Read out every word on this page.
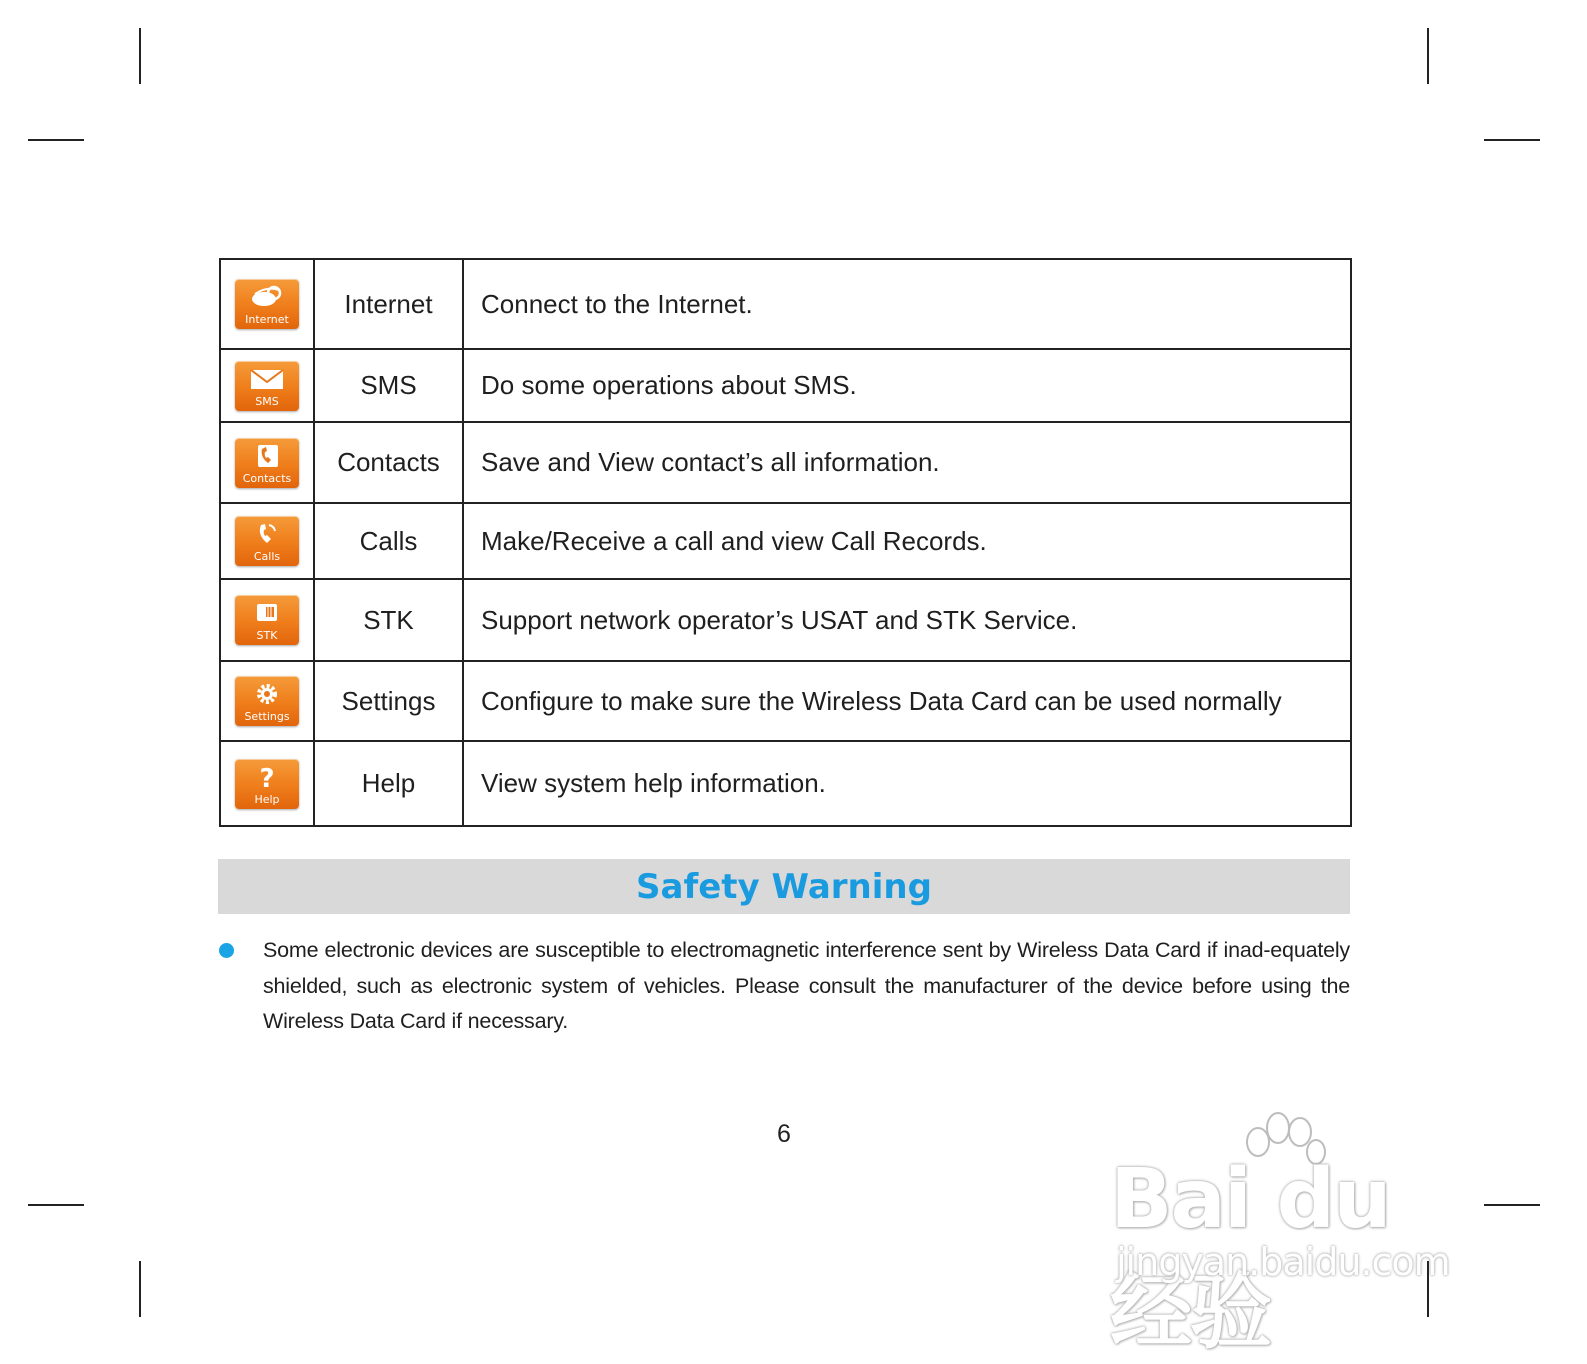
Internet	Internet	Connect to the Internet.

SMS	SMS	Do some operations about SMS.

Contacts	Contacts	Save and View contact’s all information.

Calls	Calls	Make/Receive a call and view Call Records.

STK	STK	Support network operator’s USAT and STK Service.

Settings	Settings	Configure to make sure the Wireless Data Card can be used normally

?
Help	Help	View system help information.
Safety Warning

Some electronic devices are susceptible to electromagnetic interference sent by Wireless Data Card if inad-equately shielded, such as electronic system of vehicles. Please consult the manufacturer of the device before using the Wireless Data Card if necessary.

6
Bai du 经验
jingyan.baidu.com
